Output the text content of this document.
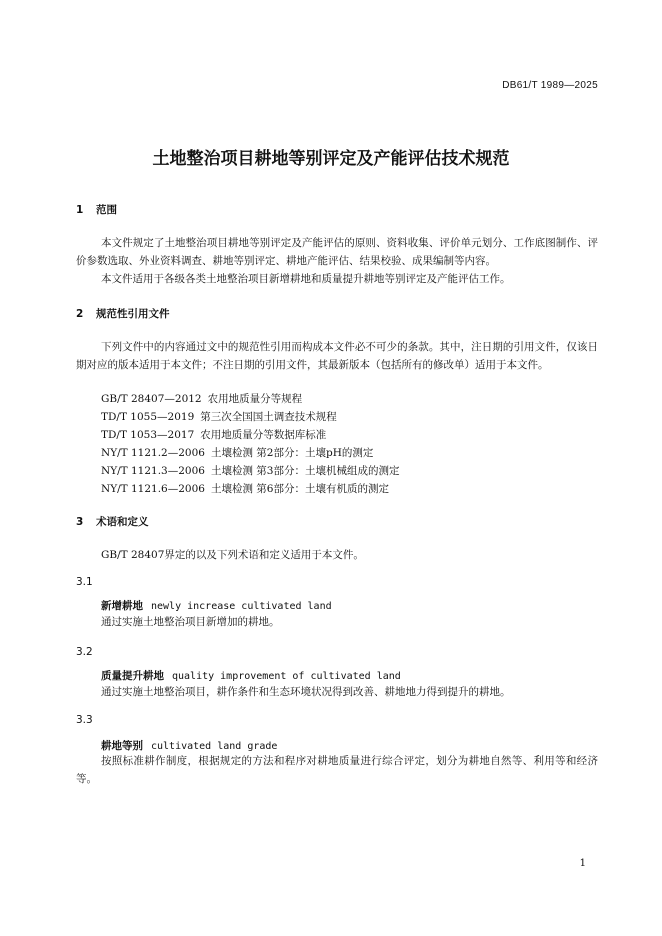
DB61/T 1989—2025
土地整治项目耕地等别评定及产能评估技术规范
1 范围
本文件规定了土地整治项目耕地等别评定及产能评估的原则、资料收集、评价单元划分、工作底图制作、评价参数选取、外业资料调查、耕地等别评定、耕地产能评估、结果校验、成果编制等内容。
本文件适用于各级各类土地整治项目新增耕地和质量提升耕地等别评定及产能评估工作。
2 规范性引用文件
下列文件中的内容通过文中的规范性引用而构成本文件必不可少的条款。其中，注日期的引用文件，仅该日期对应的版本适用于本文件；不注日期的引用文件，其最新版本（包括所有的修改单）适用于本文件。
GB/T 28407—2012 农用地质量分等规程
TD/T 1055—2019 第三次全国国土调查技术规程
TD/T 1053—2017 农用地质量分等数据库标准
NY/T 1121.2—2006 土壤检测 第2部分：土壤pH的测定
NY/T 1121.3—2006 土壤检测 第3部分：土壤机械组成的测定
NY/T 1121.6—2006 土壤检测 第6部分：土壤有机质的测定
3 术语和定义
GB/T 28407界定的以及下列术语和定义适用于本文件。
3.1
新增耕地 newly increase cultivated land
通过实施土地整治项目新增加的耕地。
3.2
质量提升耕地 quality improvement of cultivated land
通过实施土地整治项目，耕作条件和生态环境状况得到改善、耕地地力得到提升的耕地。
3.3
耕地等别 cultivated land grade
按照标准耕作制度，根据规定的方法和程序对耕地质量进行综合评定，划分为耕地自然等、利用等和经济等。
1
